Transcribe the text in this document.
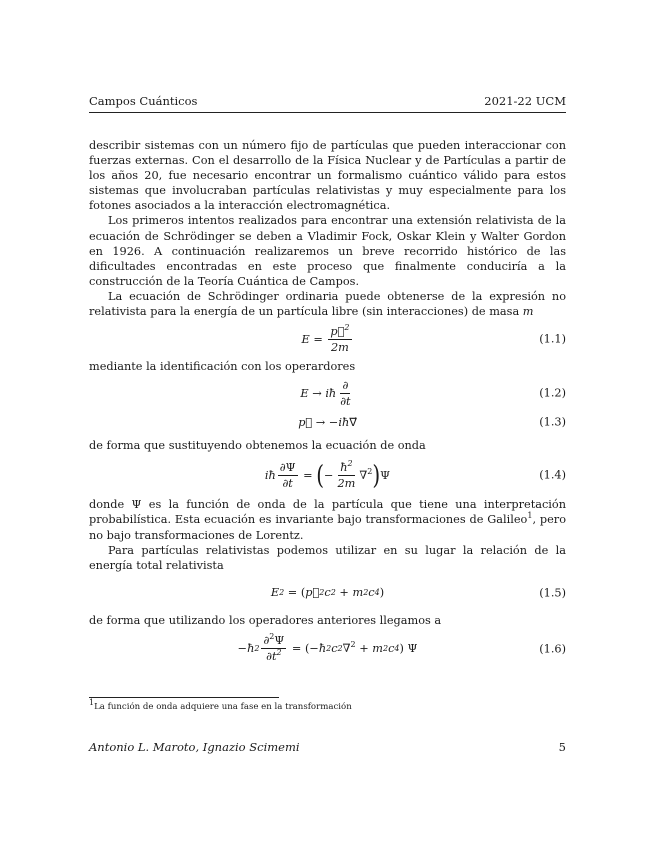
Campos Cuánticos	2021-22 UCM

describir sistemas con un número fijo de partículas que pueden interaccionar con fuerzas externas. Con el desarrollo de la Física Nuclear y de Partículas a partir de los años 20, fue necesario encontrar un formalismo cuántico válido para estos sistemas que involucraban partículas relativistas y muy especialmente para los fotones asociados a la interacción electromagnética.

Los primeros intentos realizados para encontrar una extensión relativista de la ecuación de Schrödinger se deben a Vladimir Fock, Oskar Klein y Walter Gordon en 1926. A continuación realizaremos un breve recorrido histórico de las dificultades encontradas en este proceso que finalmente conduciría a la construcción de la Teoría Cuántica de Campos.

La ecuación de Schrödinger ordinaria puede obtenerse de la expresión no relativista para la energía de un partícula libre (sin interacciones) de masa m

$E = \frac{p⃗^2}{2m}$	(1.1)

mediante la identificación con los operardores

E → iħ $\frac{\partial}{\partial t}$	(1.2)
p⃗ → − iħ ∇⃗	(1.3)

de forma que sustituyendo obtenemos la ecuación de onda

iħ $\frac{\partial\Psi}{\partial t}$ = ( − $\frac{ħ^2}{2m} \nabla^2$ ) Ψ	(1.4)

donde Ψ es la función de onda de la partícula que tiene una interpretación probabilística. Esta ecuación es invariante bajo transformaciones de Galileo$^1$, pero no bajo transformaciones de Lorentz.

Para partículas relativistas podemos utilizar en su lugar la relación de la energía total relativista

E 2 = ( p⃗ 2 c 2 + m 2 c 4 )	(1.5)

de forma que utilizando los operadores anteriores llegamos a

− ħ $2 \frac{\partial^2\Psi}{\partial t^2}$ = (− ħ 2 c 2 ∇$^2$ + m 2 c 4 ) Ψ	(1.6)
$^1$La función de onda adquiere una fase en la transformación
Antonio L. Maroto, Ignazio Scimemi	5
